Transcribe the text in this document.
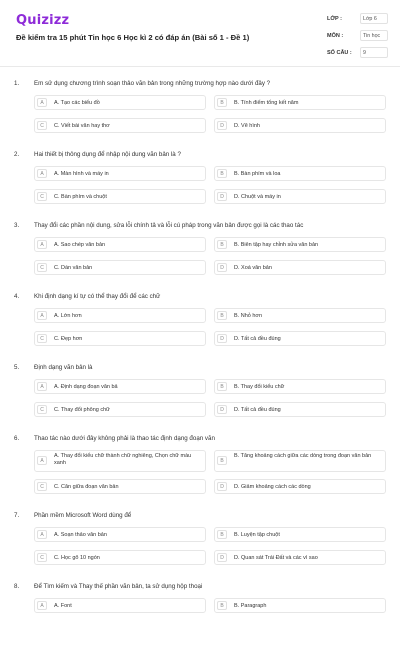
Quizizz
Đề kiểm tra 15 phút Tin học 6 Học kì 2 có đáp án (Bài số 1 - Đề 1)
LỚP :	Lớp 6
MÔN :	Tin học
SỐ CÂU :	9
1. Em sử dụng chương trình soạn thảo văn bản trong những trường hợp nào dưới đây ?
A	A. Tạo các biểu đồ	B	B. Tính điểm tổng kết năm
C	C. Viết bài văn hay thơ	D	D. Vẽ hình
2. Hai thiết bị thông dụng để nhập nội dung văn bản là ?
A	A. Màn hình và máy in	B	B. Bàn phím và loa
C	C. Bàn phím và chuột	D	D. Chuột và máy in
3. Thay đổi các phần nội dung, sửa lỗi chính tả và lỗi cú pháp trong văn bản được gọi là các thao tác
A	A. Sao chép văn bản	B	B. Biên tập hay chỉnh sửa văn bản
C	C. Dán văn bản	D	D. Xoá văn bản
4. Khi định dạng kí tự có thể thay đổi để các chữ
A	A. Lớn hơn	B	B. Nhỏ hơn
C	C. Đẹp hơn	D	D. Tất cả đều đúng
5. Định dạng văn bản là
A	A. Định dạng đoạn văn bả	B	B. Thay đổi kiểu chữ
C	C. Thay đổi phông chữ	D	D. Tất cả đều đúng
6. Thao tác nào dưới đây không phải là thao tác định dạng đoạn văn
A
A. Thay đổi kiểu chữ thành chữ nghiêng, Chọn chữ màu xanh	B
B. Tăng khoảng cách giữa các dòng trong đoạn văn bản
C	C. Căn giữa đoạn văn bản	D	D. Giảm khoảng cách các dòng
7. Phần mềm Microsoft Word dùng để
A	A. Soạn thảo văn bản	B	B. Luyện tập chuột
C	C. Học gõ 10 ngón	D	D. Quan sát Trái Đất và các vì sao
8. Để Tìm kiếm và Thay thế phần văn bản, ta sử dụng hộp thoại
A	A. Font	B	B. Paragraph
